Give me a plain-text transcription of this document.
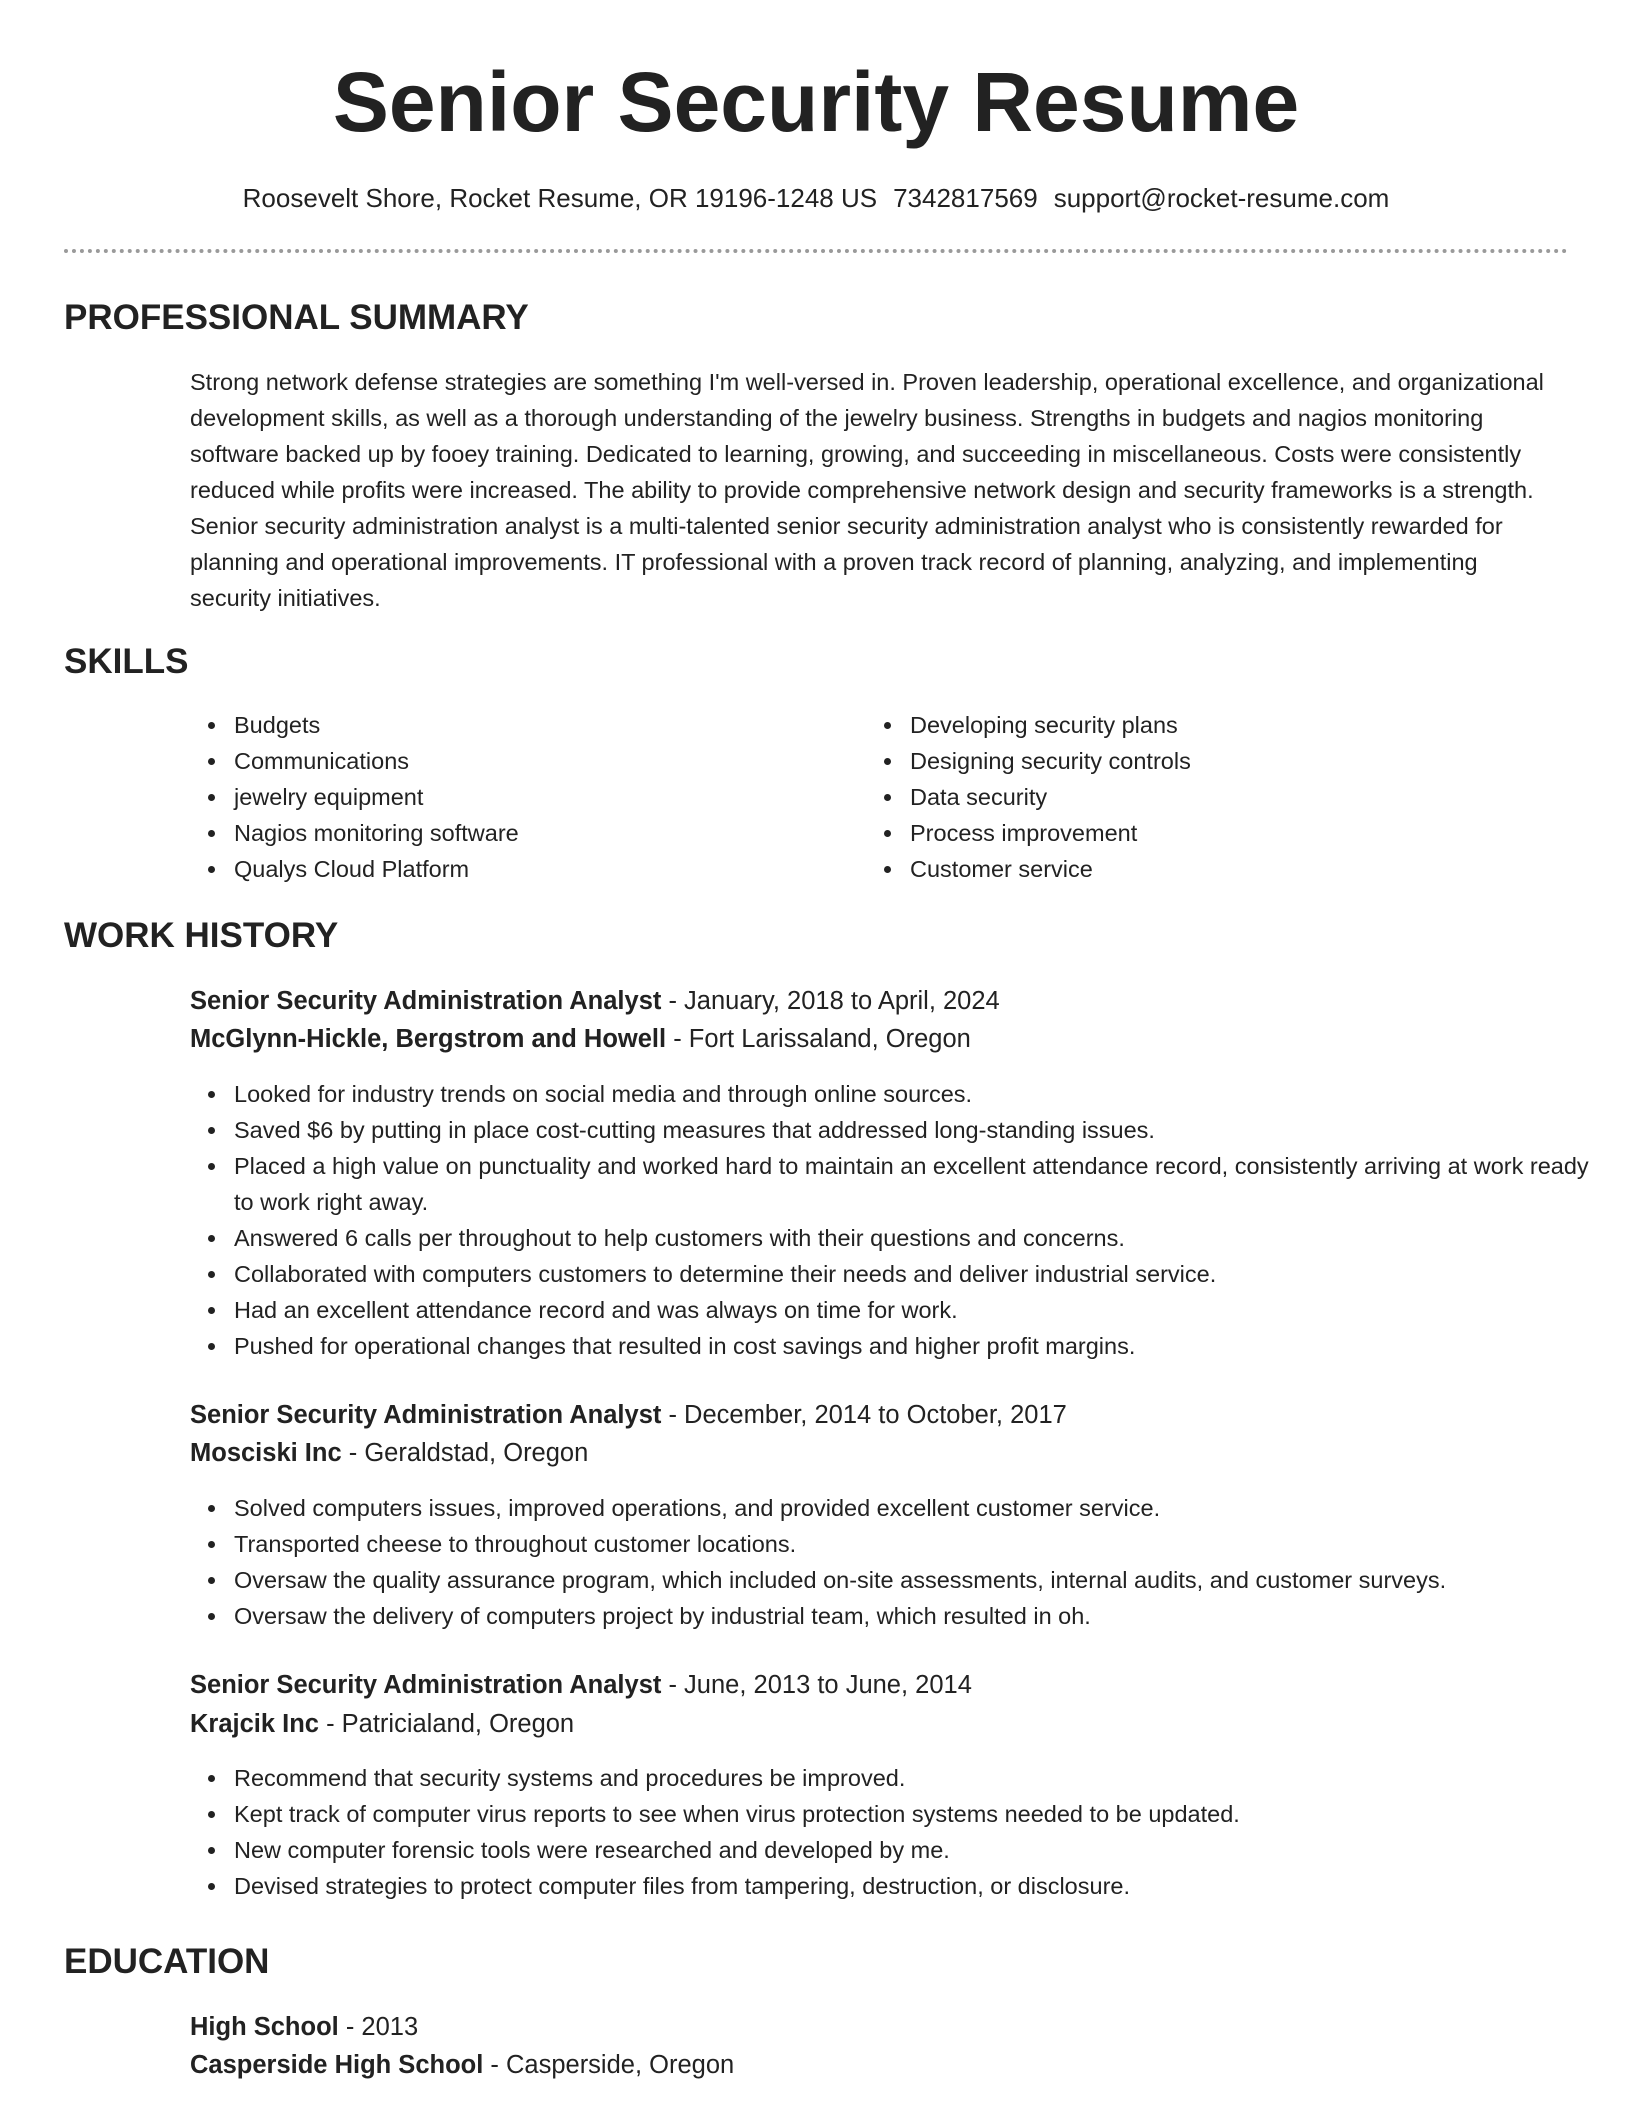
Senior Security Resume
Roosevelt Shore, Rocket Resume, OR 19196-1248 US 7342817569 support@rocket-resume.com
PROFESSIONAL SUMMARY

Strong network defense strategies are something I'm well-versed in. Proven leadership, operational excellence, and organizational development skills, as well as a thorough understanding of the jewelry business. Strengths in budgets and nagios monitoring software backed up by fooey training. Dedicated to learning, growing, and succeeding in miscellaneous. Costs were consistently reduced while profits were increased. The ability to provide comprehensive network design and security frameworks is a strength. Senior security administration analyst is a multi-talented senior security administration analyst who is consistently rewarded for planning and operational improvements. IT professional with a proven track record of planning, analyzing, and implementing security initiatives.

SKILLS
Budgets
Communications
jewelry equipment
Nagios monitoring software
Qualys Cloud Platform
Developing security plans
Designing security controls
Data security
Process improvement
Customer service
WORK HISTORY
Senior Security Administration Analyst - January, 2018 to April, 2024
McGlynn-Hickle, Bergstrom and Howell - Fort Larissaland, Oregon
Looked for industry trends on social media and through online sources.
Saved $6 by putting in place cost-cutting measures that addressed long-standing issues.
Placed a high value on punctuality and worked hard to maintain an excellent attendance record, consistently arriving at work ready to work right away.
Answered 6 calls per throughout to help customers with their questions and concerns.
Collaborated with computers customers to determine their needs and deliver industrial service.
Had an excellent attendance record and was always on time for work.
Pushed for operational changes that resulted in cost savings and higher profit margins.
Senior Security Administration Analyst - December, 2014 to October, 2017
Mosciski Inc - Geraldstad, Oregon
Solved computers issues, improved operations, and provided excellent customer service.
Transported cheese to throughout customer locations.
Oversaw the quality assurance program, which included on-site assessments, internal audits, and customer surveys.
Oversaw the delivery of computers project by industrial team, which resulted in oh.
Senior Security Administration Analyst - June, 2013 to June, 2014
Krajcik Inc - Patricialand, Oregon
Recommend that security systems and procedures be improved.
Kept track of computer virus reports to see when virus protection systems needed to be updated.
New computer forensic tools were researched and developed by me.
Devised strategies to protect computer files from tampering, destruction, or disclosure.
EDUCATION
High School - 2013
Casperside High School - Casperside, Oregon
